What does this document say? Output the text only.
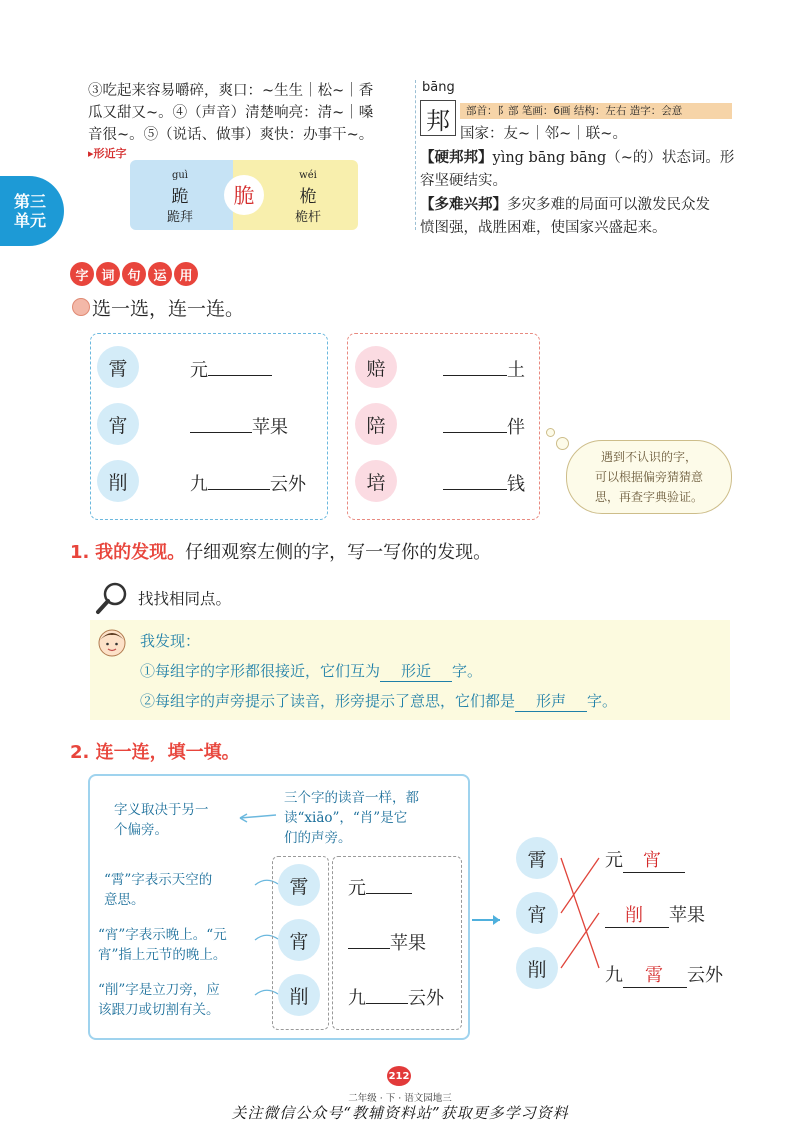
③吃起来容易嚼碎，爽口：~生生｜松~｜香
瓜又甜又~。④（声音）清楚响亮：清~｜嗓
音很~。⑤（说话、做事）爽快：办事干~。
▸形近字
guì
跪
跪拜
wéi
桅
桅杆
脆
bāng
邦	部首：阝部 笔画：6画 结构：左右 造字：会意
国家：友~｜邻~｜联~。
【硬邦邦】yìng bāng bāng（~的）状态词。形
容坚硬结实。
【多难兴邦】多灾多难的局面可以激发民众发
愤图强，战胜困难，使国家兴盛起来。
第三
单元
字 词 句 运 用
选一选，连一连。
霄
宵
削
元
苹果
九	云外
赔
陪
培
土
伴
钱
遇到不认识的字，
可以根据偏旁猜猜意
思，再查字典验证。
1. 我的发现。仔细观察左侧的字，写一写你的发现。
找找相同点。
我发现：
①每组字的字形都很接近，它们互为 形近 字。
②每组字的声旁提示了读音，形旁提示了意思，它们都是 形声 字。
2. 连一连，填一填。
字义取决于另一
个偏旁。
三个字的读音一样，都
读“xiāo”，“肖”是它
们的声旁。
“霄”字表示天空的
意思。
“宵”字表示晚上。“元
宵”指上元节的晚上。
“削”字是立刀旁，应
该跟刀或切割有关。
霄
宵
削
元
苹果
九 云外
霄
宵
削
元 宵
削 苹果
九 霄 云外
212
二年级 · 下 · 语文园地三
关注微信公众号“教辅资料站”获取更多学习资料
